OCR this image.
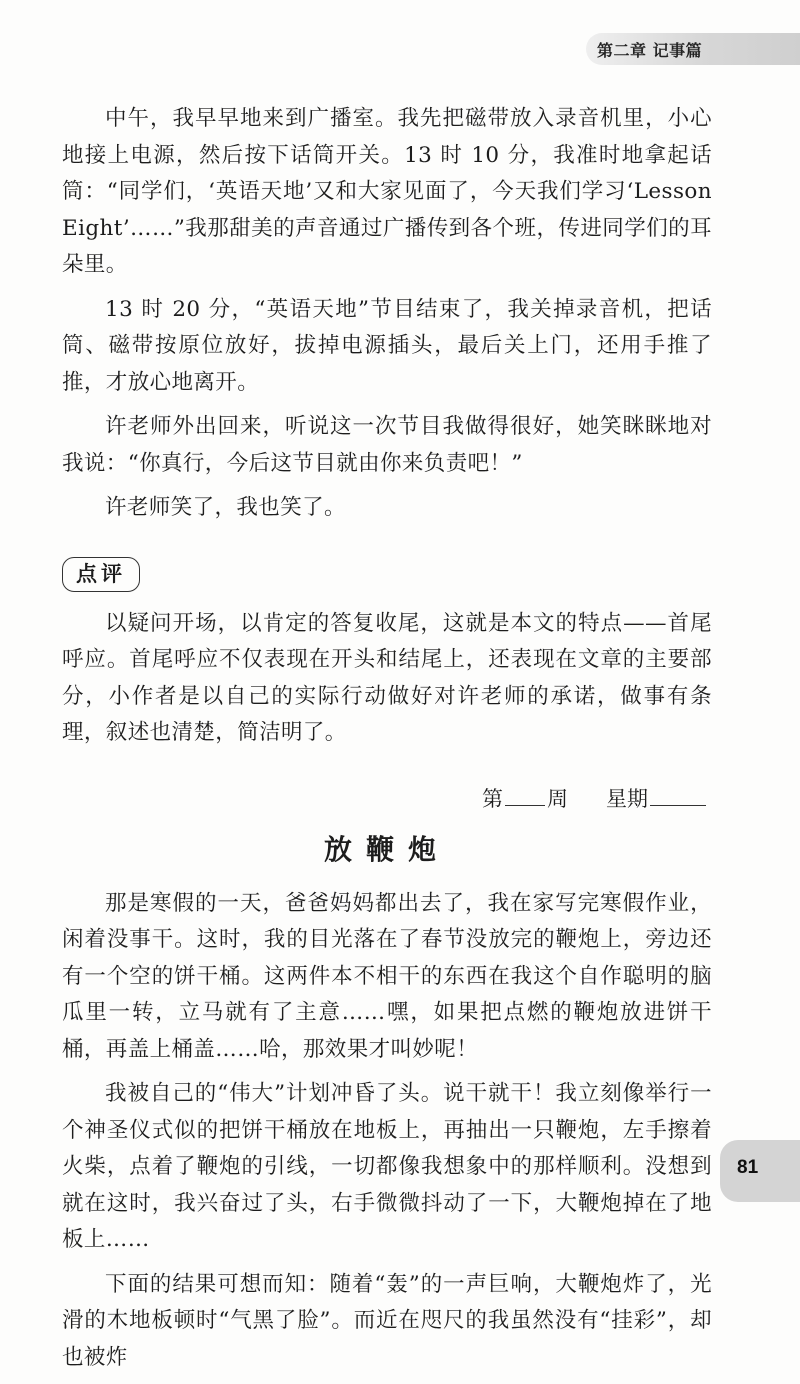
第二章 记事篇

中午，我早早地来到广播室。我先把磁带放入录音机里，小心地接上电源，然后按下话筒开关。13 时 10 分，我准时地拿起话筒：“同学们，‘英语天地’又和大家见面了，今天我们学习‘Lesson Eight’……”我那甜美的声音通过广播传到各个班，传进同学们的耳朵里。

13 时 20 分，“英语天地”节目结束了，我关掉录音机，把话筒、磁带按原位放好，拔掉电源插头，最后关上门，还用手推了推，才放心地离开。

许老师外出回来，听说这一次节目我做得很好，她笑眯眯地对我说：“你真行，今后这节目就由你来负责吧！”

许老师笑了，我也笑了。

点评

以疑问开场，以肯定的答复收尾，这就是本文的特点——首尾呼应。首尾呼应不仅表现在开头和结尾上，还表现在文章的主要部分，小作者是以自己的实际行动做好对许老师的承诺，做事有条理，叙述也清楚，简洁明了。

第 周 星期
放鞭炮

那是寒假的一天，爸爸妈妈都出去了，我在家写完寒假作业，闲着没事干。这时，我的目光落在了春节没放完的鞭炮上，旁边还有一个空的饼干桶。这两件本不相干的东西在我这个自作聪明的脑瓜里一转，立马就有了主意……嘿，如果把点燃的鞭炮放进饼干桶，再盖上桶盖……哈，那效果才叫妙呢！

我被自己的“伟大”计划冲昏了头。说干就干！我立刻像举行一个神圣仪式似的把饼干桶放在地板上，再抽出一只鞭炮，左手擦着火柴，点着了鞭炮的引线，一切都像我想象中的那样顺利。没想到就在这时，我兴奋过了头，右手微微抖动了一下，大鞭炮掉在了地板上……

下面的结果可想而知：随着“轰”的一声巨响，大鞭炮炸了，光滑的木地板顿时“气黑了脸”。而近在咫尺的我虽然没有“挂彩”，却也被炸

81
